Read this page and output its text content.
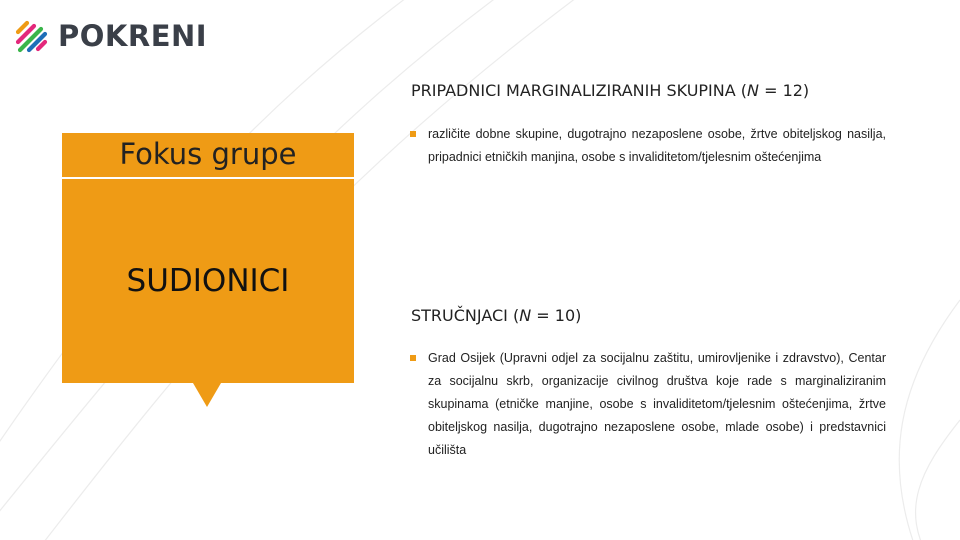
POKRENI
Fokus grupe
SUDIONICI
PRIPADNICI MARGINALIZIRANIH SKUPINA (N = 12)
različite dobne skupine, dugotrajno nezaposlene osobe, žrtve obiteljskog nasilja, pripadnici etničkih manjina, osobe s invaliditetom/tjelesnim oštećenjima
STRUČNJACI (N = 10)
Grad Osijek (Upravni odjel za socijalnu zaštitu, umirovljenike i zdravstvo), Centar za socijalnu skrb, organizacije civilnog društva koje rade s marginaliziranim skupinama (etničke manjine, osobe s invaliditetom/tjelesnim oštećenjima, žrtve obiteljskog nasilja, dugotrajno nezaposlene osobe, mlade osobe) i predstavnici učilišta
